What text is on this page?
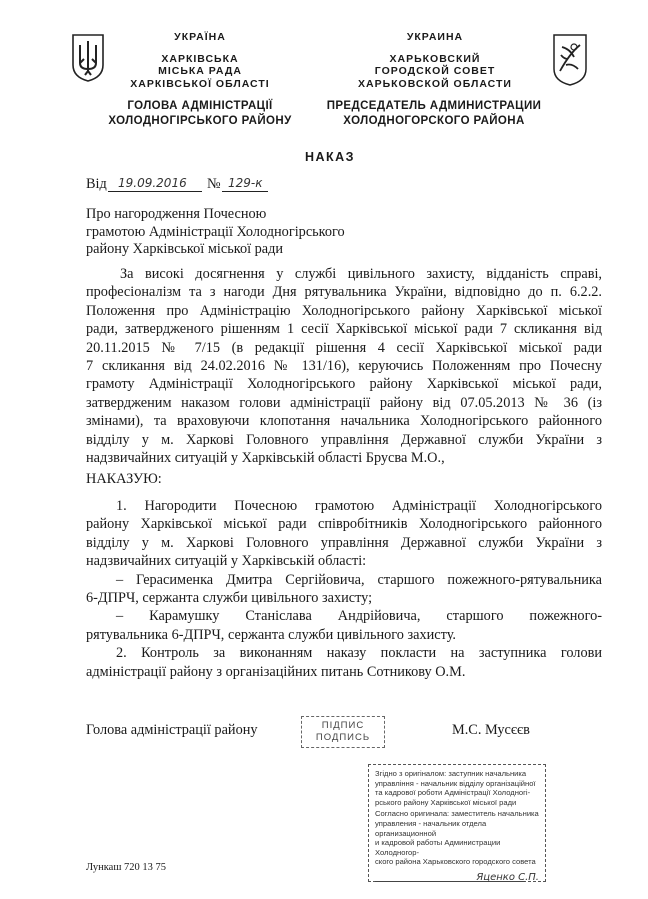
УКРАЇНА
ХАРКІВСЬКА
МІСЬКА РАДА
ХАРКІВСЬКОЇ ОБЛАСТІ
ГОЛОВА АДМІНІСТРАЦІЇ
ХОЛОДНОГІРСЬКОГО РАЙОНУ
УКРАИНА
ХАРЬКОВСКИЙ
ГОРОДСКОЙ СОВЕТ
ХАРЬКОВСКОЙ ОБЛАСТИ
ПРЕДСЕДАТЕЛЬ АДМИНИСТРАЦИИ
ХОЛОДНОГОРСКОГО РАЙОНА
НАКАЗ
Від 19.09.2016 № 129-к
Про нагородження Почесною
грамотою Адміністрації Холодногірського
району Харківської міської ради
За високі досягнення у службі цивільного захисту, відданість справі,
професіоналізм та з нагоди Дня рятувальника України, відповідно до п. 6.2.2.
Положення про Адміністрацію Холодногірського району Харківської міської
ради, затвердженого рішенням 1 сесії Харківської міської ради 7 скликання від
20.11.2015 № 7/15 (в редакції рішення 4 сесії Харківської міської ради
7 скликання від 24.02.2016 № 131/16), керуючись Положенням про Почесну
грамоту Адміністрації Холодногірського району Харківської міської ради,
затвердженим наказом голови адміністрації району від 07.05.2013 № 36 (із
змінами), та враховуючи клопотання начальника Холодногірського районного
відділу у м. Харкові Головного управління Державної служби України з
надзвичайних ситуацій у Харківській області Брусва М.О.,
НАКАЗУЮ:
1. Нагородити Почесною грамотою Адміністрації Холодногірського
району Харківської міської ради співробітників Холодногірського районного
відділу у м. Харкові Головного управління Державної служби України з
надзвичайних ситуацій у Харківській області:
– Герасименка Дмитра Сергійовича, старшого пожежного-рятувальника
6-ДПРЧ, сержанта служби цивільного захисту;
– Карамушку Станіслава Андрійовича, старшого пожежного-
рятувальника 6-ДПРЧ, сержанта служби цивільного захисту.
2. Контроль за виконанням наказу покласти на заступника голови
адміністрації району з організаційних питань Сотникову О.М.
Голова адміністрації району	ПІДПИС
ПОДПИСЬ	М.С. Мусєєв
Згідно з оригіналом: заступник начальника
управління - начальник відділу організаційної
та кадрової роботи Адміністрації Холодногі-
рського району Харківської міської ради
Согласно оригинала: заместитель начальника
управления - начальник отдела организационной
и кадровой работы Администрации Холодногор-
ского района Харьковского городского совета
Яценко С.П.
Лункаш 720 13 75
